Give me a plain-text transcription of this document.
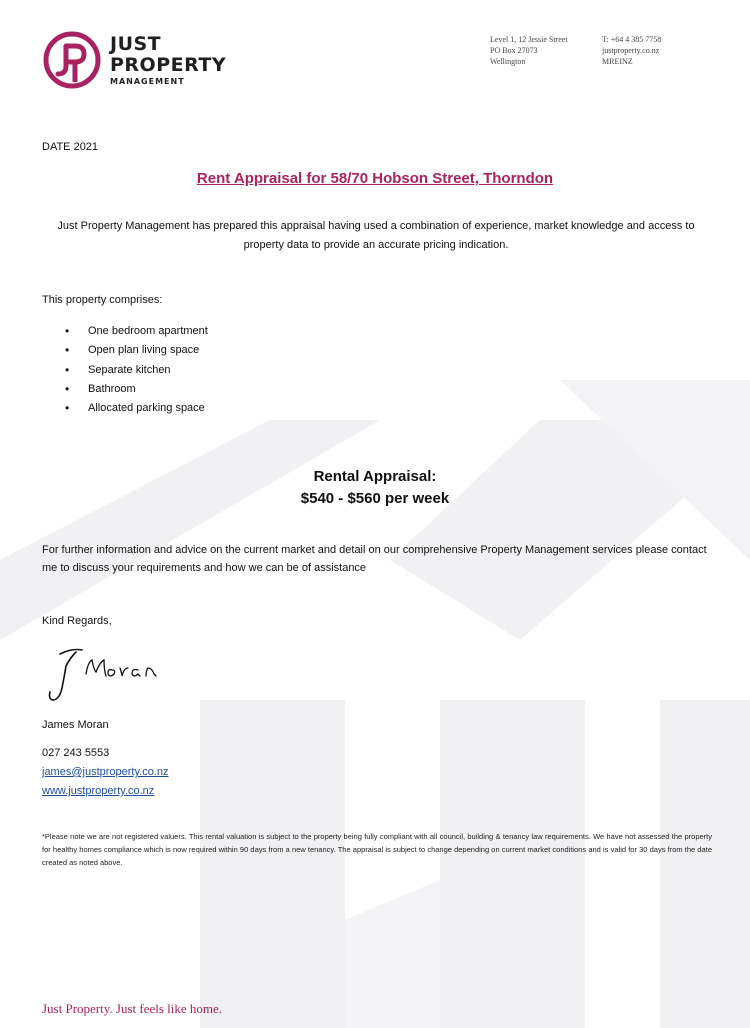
JUST
PROPERTY
MANAGEMENT
Level 1, 12 Jessie Street
PO Box 27073
Wellington
T: +64 4 385 7758
justproperty.co.nz
MREINZ
DATE 2021
Rent Appraisal for 58/70 Hobson Street, Thorndon
Just Property Management has prepared this appraisal having used a combination of experience, market knowledge and access to property data to provide an accurate pricing indication.
This property comprises:
• One bedroom apartment
• Open plan living space
• Separate kitchen
• Bathroom
• Allocated parking space
Rental Appraisal:
$540 - $560 per week
For further information and advice on the current market and detail on our comprehensive Property Management services please contact me to discuss your requirements and how we can be of assistance
Kind Regards,
James Moran
027 243 5553
james@justproperty.co.nz
www.justproperty.co.nz
*Please note we are not registered valuers. This rental valuation is subject to the property being fully compliant with all council, building & tenancy law requirements. We have not assessed the property for healthy homes compliance which is now required within 90 days from a new tenancy. The appraisal is subject to change depending on current market conditions and is valid for 30 days from the date created as noted above.
Just Property. Just feels like home.
